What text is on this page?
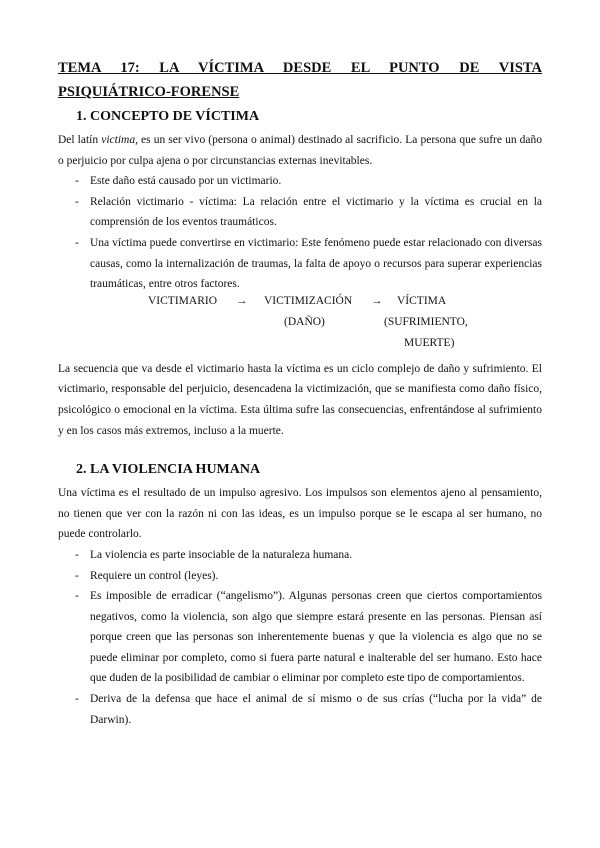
TEMA 17: LA VÍCTIMA DESDE EL PUNTO DE VISTA
PSIQUIÁTRICO-FORENSE
1. CONCEPTO DE VÍCTIMA

Del latín victima, es un ser vivo (persona o animal) destinado al sacrificio. La persona que sufre un daño o perjuicio por culpa ajena o por circunstancias externas inevitables.

- Este daño está causado por un victimario.
- Relación victimario - víctima: La relación entre el victimario y la víctima es crucial en la comprensión de los eventos traumáticos.
- Una víctima puede convertirse en victimario: Este fenómeno puede estar relacionado con diversas causas, como la internalización de traumas, la falta de apoyo o recursos para superar experiencias traumáticas, entre otros factores.
VICTIMARIO → VICTIMIZACIÓN → VÍCTIMA
(DAÑO)	(SUFRIMIENTO,
MUERTE)

La secuencia que va desde el victimario hasta la víctima es un ciclo complejo de daño y sufrimiento. El victimario, responsable del perjuicio, desencadena la victimización, que se manifiesta como daño físico, psicológico o emocional en la víctima. Esta última sufre las consecuencias, enfrentándose al sufrimiento y en los casos más extremos, incluso a la muerte.

2. LA VIOLENCIA HUMANA

Una víctima es el resultado de un impulso agresivo. Los impulsos son elementos ajeno al pensamiento, no tienen que ver con la razón ni con las ideas, es un impulso porque se le escapa al ser humano, no puede controlarlo.

- La violencia es parte insociable de la naturaleza humana.
- Requiere un control (leyes).
- Es imposible de erradicar (“angelismo”). Algunas personas creen que ciertos comportamientos negativos, como la violencia, son algo que siempre estará presente en las personas. Piensan así porque creen que las personas son inherentemente buenas y que la violencia es algo que no se puede eliminar por completo, como si fuera parte natural e inalterable del ser humano. Esto hace que duden de la posibilidad de cambiar o eliminar por completo este tipo de comportamientos.
- Deriva de la defensa que hace el animal de sí mismo o de sus crías (“lucha por la vida” de Darwin).
